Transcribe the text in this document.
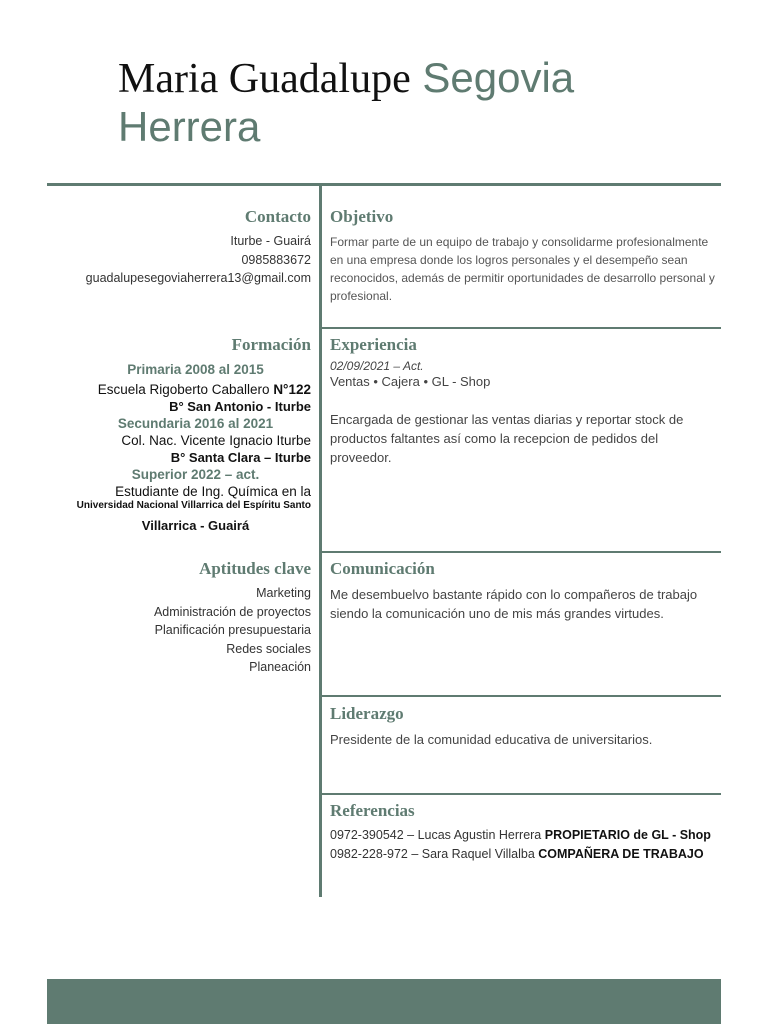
Maria Guadalupe Segovia Herrera
Contacto

Iturbe - Guairá

0985883672

guadalupesegoviaherrera13@gmail.com

Formación
Primaria 2008 al 2015
Escuela Rigoberto Caballero N°122
B° San Antonio - Iturbe
Secundaria 2016 al 2021
Col. Nac. Vicente Ignacio Iturbe
B° Santa Clara – Iturbe
Superior 2022 – act.
Estudiante de Ing. Química en la
Universidad Nacional Villarrica del Espíritu Santo
Villarrica - Guairá
Aptitudes clave

Marketing

Administración de proyectos

Planificación presupuestaria

Redes sociales

Planeación

Objetivo

Formar parte de un equipo de trabajo y consolidarme profesionalmente en una empresa donde los logros personales y el desempeño sean reconocidos, además de permitir oportunidades de desarrollo personal y profesional.

Experiencia

02/09/2021 – Act.

Ventas • Cajera • GL - Shop

Encargada de gestionar las ventas diarias y reportar stock de productos faltantes así como la recepcion de pedidos del proveedor.

Comunicación

Me desembuelvo bastante rápido con lo compañeros de trabajo siendo la comunicación uno de mis más grandes virtudes.

Liderazgo

Presidente de la comunidad educativa de universitarios.

Referencias

0972-390542 – Lucas Agustin Herrera PROPIETARIO de GL - Shop

0982-228-972 – Sara Raquel Villalba COMPAÑERA DE TRABAJO
